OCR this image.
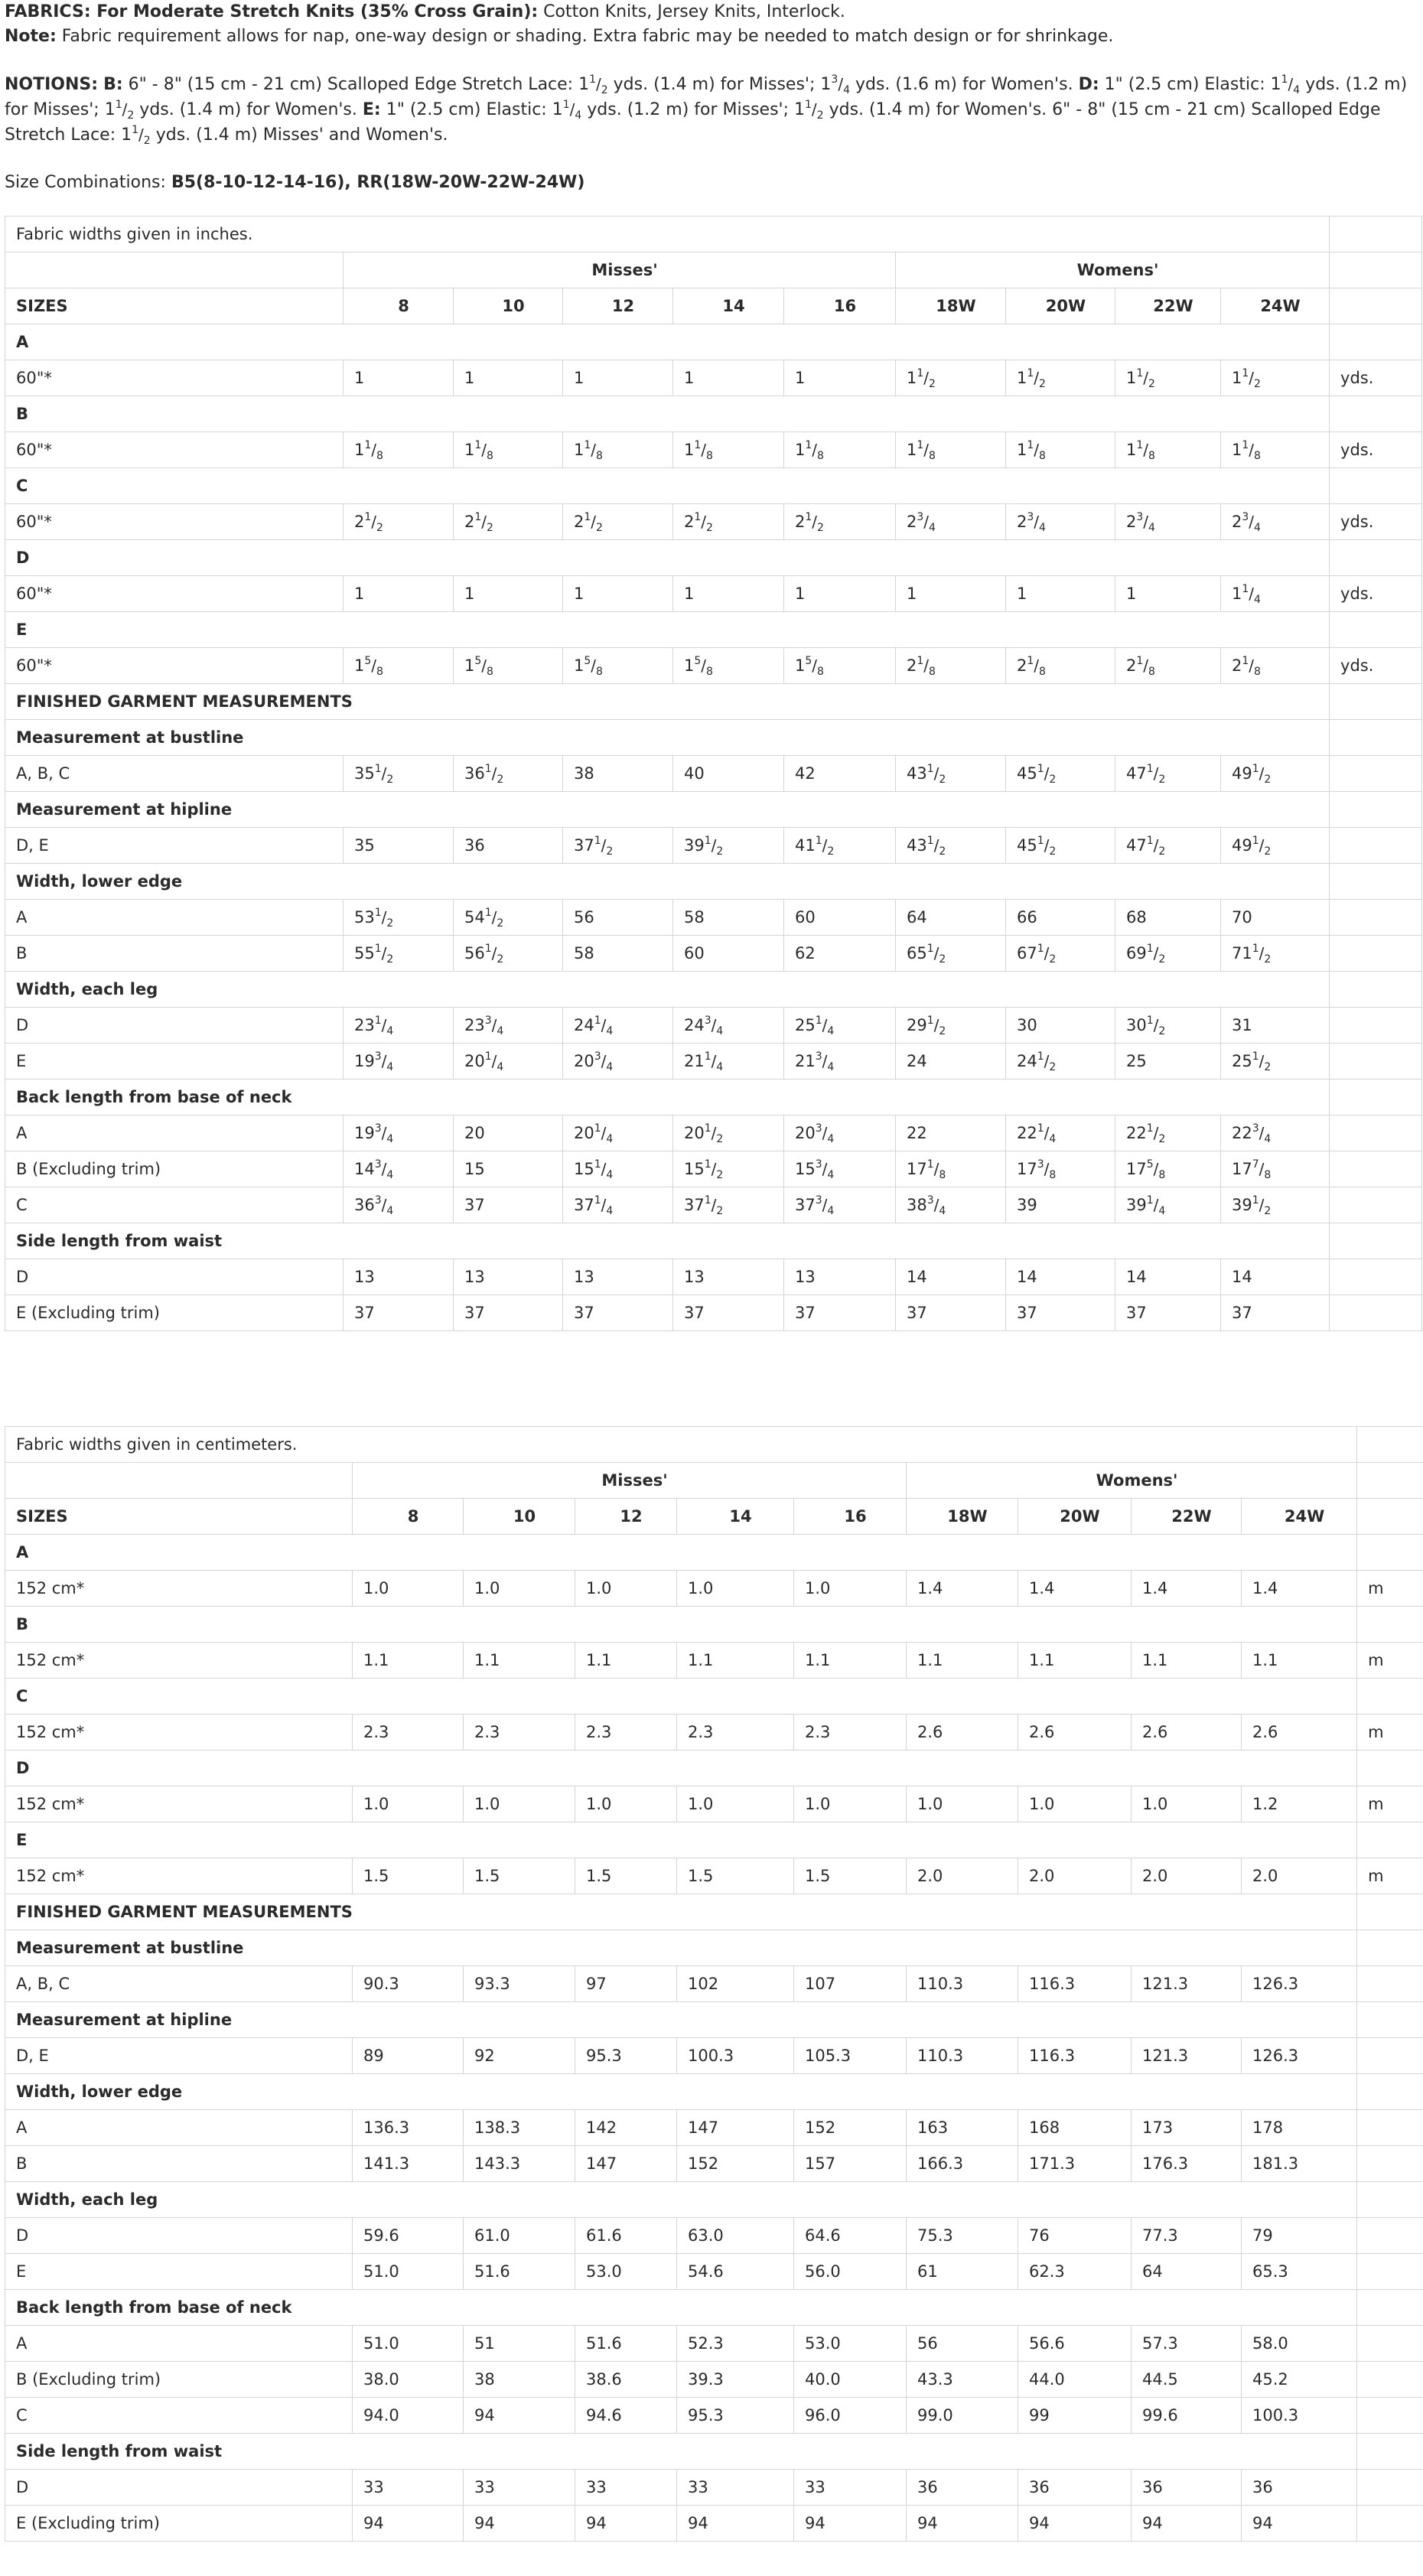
FABRICS: For Moderate Stretch Knits (35% Cross Grain): Cotton Knits, Jersey Knits, Interlock.

Note: Fabric requirement allows for nap, one-way design or shading. Extra fabric may be needed to match design or for shrinkage.

NOTIONS: B: 6" - 8" (15 cm - 21 cm) Scalloped Edge Stretch Lace: $1^1/_2$ yds. (1.4 m) for Misses'; $1^3/_4$ yds. (1.6 m) for Women's. D: 1" (2.5 cm) Elastic: $1^1/_4$ yds. (1.2 m) for Misses'; $1^1/_2$ yds. (1.4 m) for Women's. E: 1" (2.5 cm) Elastic: $1^1/_4$ yds. (1.2 m) for Misses'; $1^1/_2$ yds. (1.4 m) for Women's. 6" - 8" (15 cm - 21 cm) Scalloped Edge Stretch Lace: $1^1/_2$ yds. (1.4 m) Misses' and Women's.

Size Combinations: B5(8-10-12-14-16), RR(18W-20W-22W-24W)

Fabric widths given in inches.										
	Misses'					Womens'				
SIZES	8	10	12	14	16	18W	20W	22W	24W	
A										
60"*	1	1	1	1	1	$1^1/_2$	$1^1/_2$	$1^1/_2$	$1^1/_2$	yds.
B										
60"*	$1^1/_8$	$1^1/_8$	$1^1/_8$	$1^1/_8$	$1^1/_8$	$1^1/_8$	$1^1/_8$	$1^1/_8$	$1^1/_8$	yds.
C										
60"*	$2^1/_2$	$2^1/_2$	$2^1/_2$	$2^1/_2$	$2^1/_2$	$2^3/_4$	$2^3/_4$	$2^3/_4$	$2^3/_4$	yds.
D										
60"*	1	1	1	1	1	1	1	1	$1^1/_4$	yds.
E										
60"*	$1^5/_8$	$1^5/_8$	$1^5/_8$	$1^5/_8$	$1^5/_8$	$2^1/_8$	$2^1/_8$	$2^1/_8$	$2^1/_8$	yds.
FINISHED GARMENT MEASUREMENTS										
Measurement at bustline										
A, B, C	$35^1/_2$	$36^1/_2$	38	40	42	$43^1/_2$	$45^1/_2$	$47^1/_2$	$49^1/_2$	
Measurement at hipline										
D, E	35	36	$37^1/_2$	$39^1/_2$	$41^1/_2$	$43^1/_2$	$45^1/_2$	$47^1/_2$	$49^1/_2$	
Width, lower edge										
A	$53^1/_2$	$54^1/_2$	56	58	60	64	66	68	70	
B	$55^1/_2$	$56^1/_2$	58	60	62	$65^1/_2$	$67^1/_2$	$69^1/_2$	$71^1/_2$	
Width, each leg										
D	$23^1/_4$	$23^3/_4$	$24^1/_4$	$24^3/_4$	$25^1/_4$	$29^1/_2$	30	$30^1/_2$	31	
E	$19^3/_4$	$20^1/_4$	$20^3/_4$	$21^1/_4$	$21^3/_4$	24	$24^1/_2$	25	$25^1/_2$	
Back length from base of neck										
A	$19^3/_4$	20	$20^1/_4$	$20^1/_2$	$20^3/_4$	22	$22^1/_4$	$22^1/_2$	$22^3/_4$	
B (Excluding trim)	$14^3/_4$	15	$15^1/_4$	$15^1/_2$	$15^3/_4$	$17^1/_8$	$17^3/_8$	$17^5/_8$	$17^7/_8$	
C	$36^3/_4$	37	$37^1/_4$	$37^1/_2$	$37^3/_4$	$38^3/_4$	39	$39^1/_4$	$39^1/_2$	
Side length from waist										
D	13	13	13	13	13	14	14	14	14	
E (Excluding trim)	37	37	37	37	37	37	37	37	37	
Fabric widths given in centimeters.										
	Misses'					Womens'				
SIZES	8	10	12	14	16	18W	20W	22W	24W	
A										
152 cm*	1.0	1.0	1.0	1.0	1.0	1.4	1.4	1.4	1.4	m
B										
152 cm*	1.1	1.1	1.1	1.1	1.1	1.1	1.1	1.1	1.1	m
C										
152 cm*	2.3	2.3	2.3	2.3	2.3	2.6	2.6	2.6	2.6	m
D										
152 cm*	1.0	1.0	1.0	1.0	1.0	1.0	1.0	1.0	1.2	m
E										
152 cm*	1.5	1.5	1.5	1.5	1.5	2.0	2.0	2.0	2.0	m
FINISHED GARMENT MEASUREMENTS										
Measurement at bustline										
A, B, C	90.3	93.3	97	102	107	110.3	116.3	121.3	126.3	
Measurement at hipline										
D, E	89	92	95.3	100.3	105.3	110.3	116.3	121.3	126.3	
Width, lower edge										
A	136.3	138.3	142	147	152	163	168	173	178	
B	141.3	143.3	147	152	157	166.3	171.3	176.3	181.3	
Width, each leg										
D	59.6	61.0	61.6	63.0	64.6	75.3	76	77.3	79	
E	51.0	51.6	53.0	54.6	56.0	61	62.3	64	65.3	
Back length from base of neck										
A	51.0	51	51.6	52.3	53.0	56	56.6	57.3	58.0	
B (Excluding trim)	38.0	38	38.6	39.3	40.0	43.3	44.0	44.5	45.2	
C	94.0	94	94.6	95.3	96.0	99.0	99	99.6	100.3	
Side length from waist										
D	33	33	33	33	33	36	36	36	36	
E (Excluding trim)	94	94	94	94	94	94	94	94	94	
